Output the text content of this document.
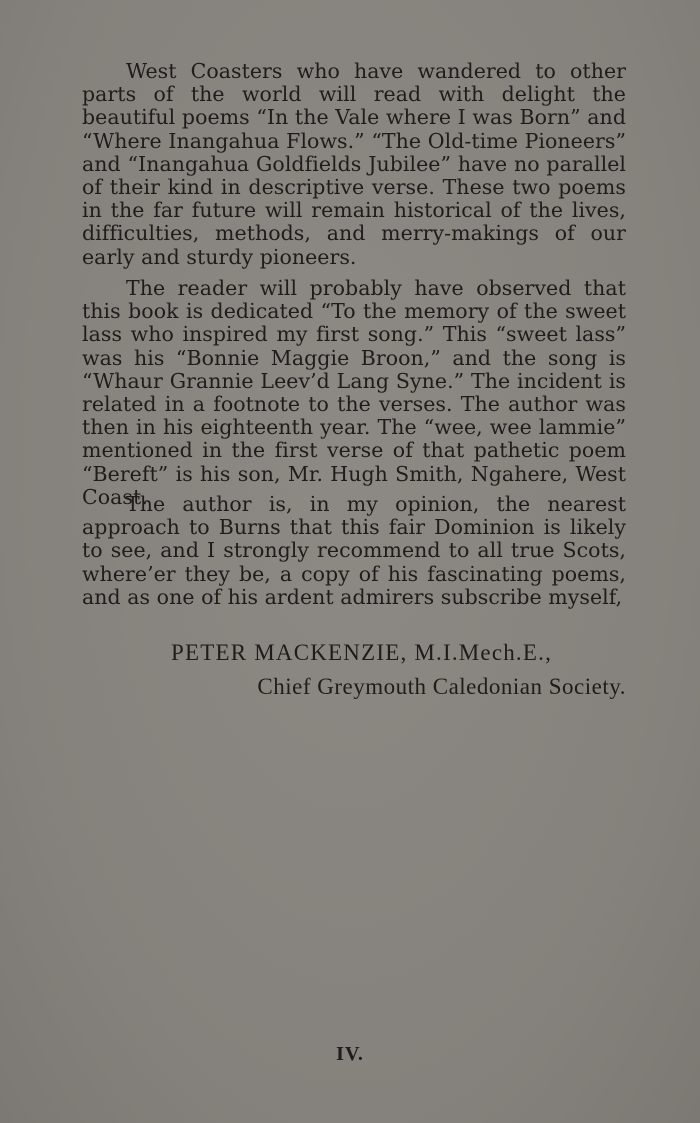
West Coasters who have wandered to other parts of the world will read with delight the beautiful poems “In the Vale where I was Born” and “Where Inangahua Flows.” “The Old-time Pioneers” and “Inangahua Goldfields Jubilee” have no parallel of their kind in descriptive verse. These two poems in the far future will remain historical of the lives, difficulties, methods, and merry-makings of our early and sturdy pioneers.

The reader will probably have observed that this book is dedicated “To the memory of the sweet lass who inspired my first song.” This “sweet lass” was his “Bonnie Maggie Broon,” and the song is “Whaur Grannie Leev’d Lang Syne.” The incident is related in a footnote to the verses. The author was then in his eighteenth year. The “wee, wee lammie” mentioned in the first verse of that pathetic poem “Bereft” is his son, Mr. Hugh Smith, Ngahere, West Coast.

The author is, in my opinion, the nearest approach to Burns that this fair Dominion is likely to see, and I strongly recommend to all true Scots, where’er they be, a copy of his fascinating poems, and as one of his ardent admirers subscribe myself,

PETER MACKENZIE, M.I.Mech.E.,

Chief Greymouth Caledonian Society.

IV.
